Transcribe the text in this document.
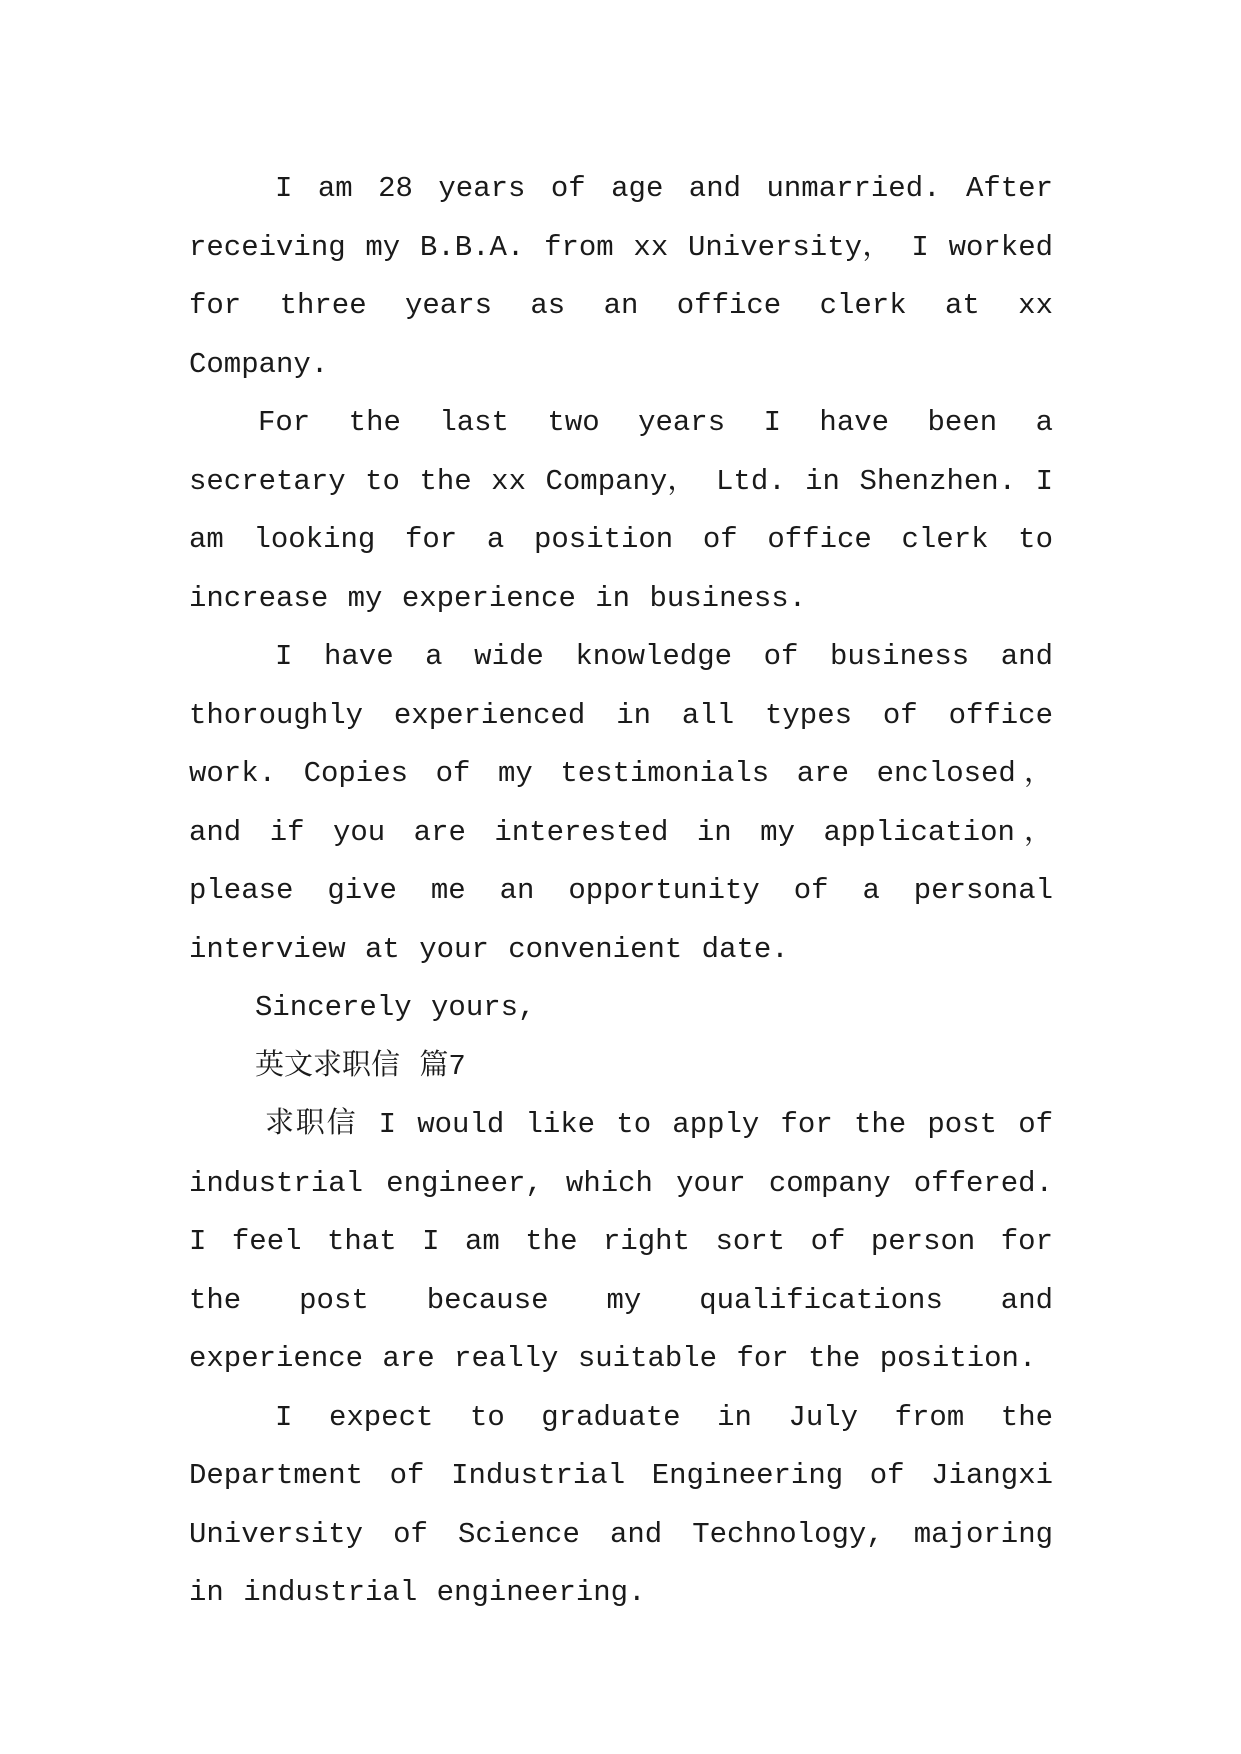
I am 28 years of age and unmarried. After receiving my B.B.A. from xx University， I worked for three years as an office clerk at xx Company.

For the last two years I have been a secretary to the xx Company， Ltd. in Shenzhen. I am looking for a position of office clerk to increase my experience in business.

I have a wide knowledge of business and thoroughly experienced in all types of office work. Copies of my testimonials are enclosed， and if you are interested in my application， please give me an opportunity of a personal interview at your convenient date.

Sincerely yours,

英文求职信 篇7

求职信 I would like to apply for the post of industrial engineer, which your company offered. I feel that I am the right sort of person for the post because my qualifications and experience are really suitable for the position.

I expect to graduate in July from the Department of Industrial Engineering of Jiangxi University of Science and Technology, majoring in industrial engineering.
